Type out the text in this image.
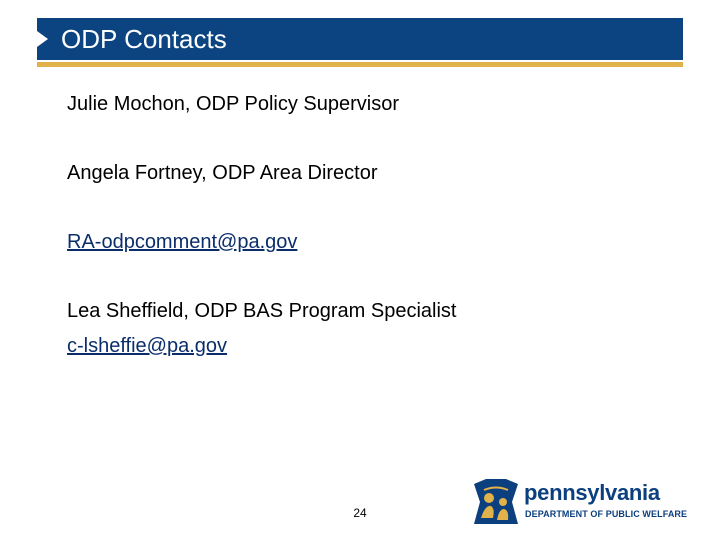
ODP Contacts
Julie Mochon, ODP Policy Supervisor
Angela Fortney, ODP Area Director
RA-odpcomment@pa.gov
Lea Sheffield, ODP BAS Program Specialist
c-lsheffie@pa.gov
24
pennsylvania
DEPARTMENT OF PUBLIC WELFARE
